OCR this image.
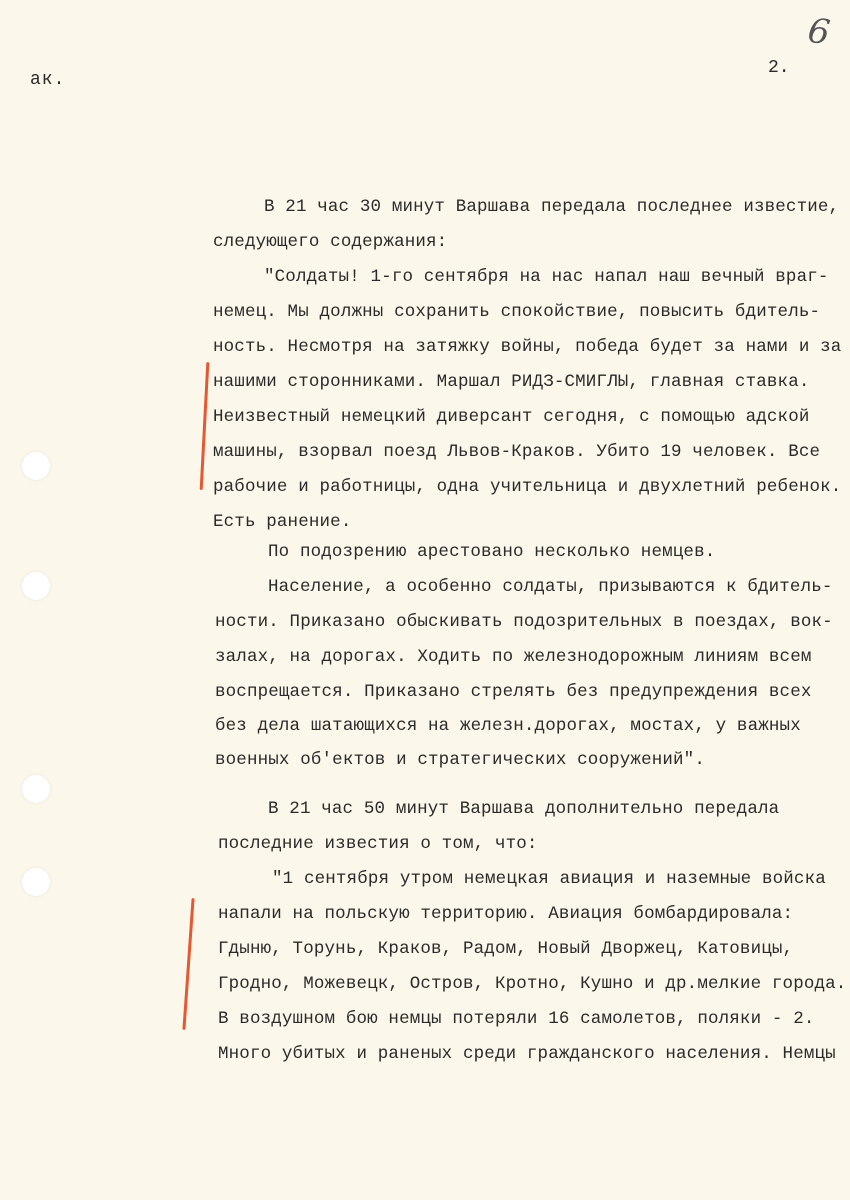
6
ак.
2.
В 21 час 30 минут Варшава передала последнее известие,
следующего содержания:
"Солдаты! 1-го сентября на нас напал наш вечный враг-
немец. Мы должны сохранить спокойствие, повысить бдитель-
ность. Несмотря на затяжку войны, победа будет за нами и за
нашими сторонниками. Маршал РИДЗ-СМИГЛЫ, главная ставка.
Неизвестный немецкий диверсант сегодня, с помощью адской
машины, взорвал поезд Львов-Краков. Убито 19 человек. Все
рабочие и работницы, одна учительница и двухлетний ребенок.
Есть ранение.
По подозрению арестовано несколько немцев.
Население, а особенно солдаты, призываются к бдитель-
ности. Приказано обыскивать подозрительных в поездах, вок-
залах, на дорогах. Ходить по железнодорожным линиям всем
воспрещается. Приказано стрелять без предупреждения всех
без дела шатающихся на железн.дорогах, мостах, у важных
военных об'ектов и стратегических сооружений".
В 21 час 50 минут Варшава дополнительно передала
последние известия о том, что:
"1 сентября утром немецкая авиация и наземные войска
напали на польскую территорию. Авиация бомбардировала:
Гдыню, Торунь, Краков, Радом, Новый Дворжец, Катовицы,
Гродно, Можевецк, Остров, Кротно, Кушно и др.мелкие города.
В воздушном бою немцы потеряли 16 самолетов, поляки - 2.
Много убитых и раненых среди гражданского населения. Немцы
